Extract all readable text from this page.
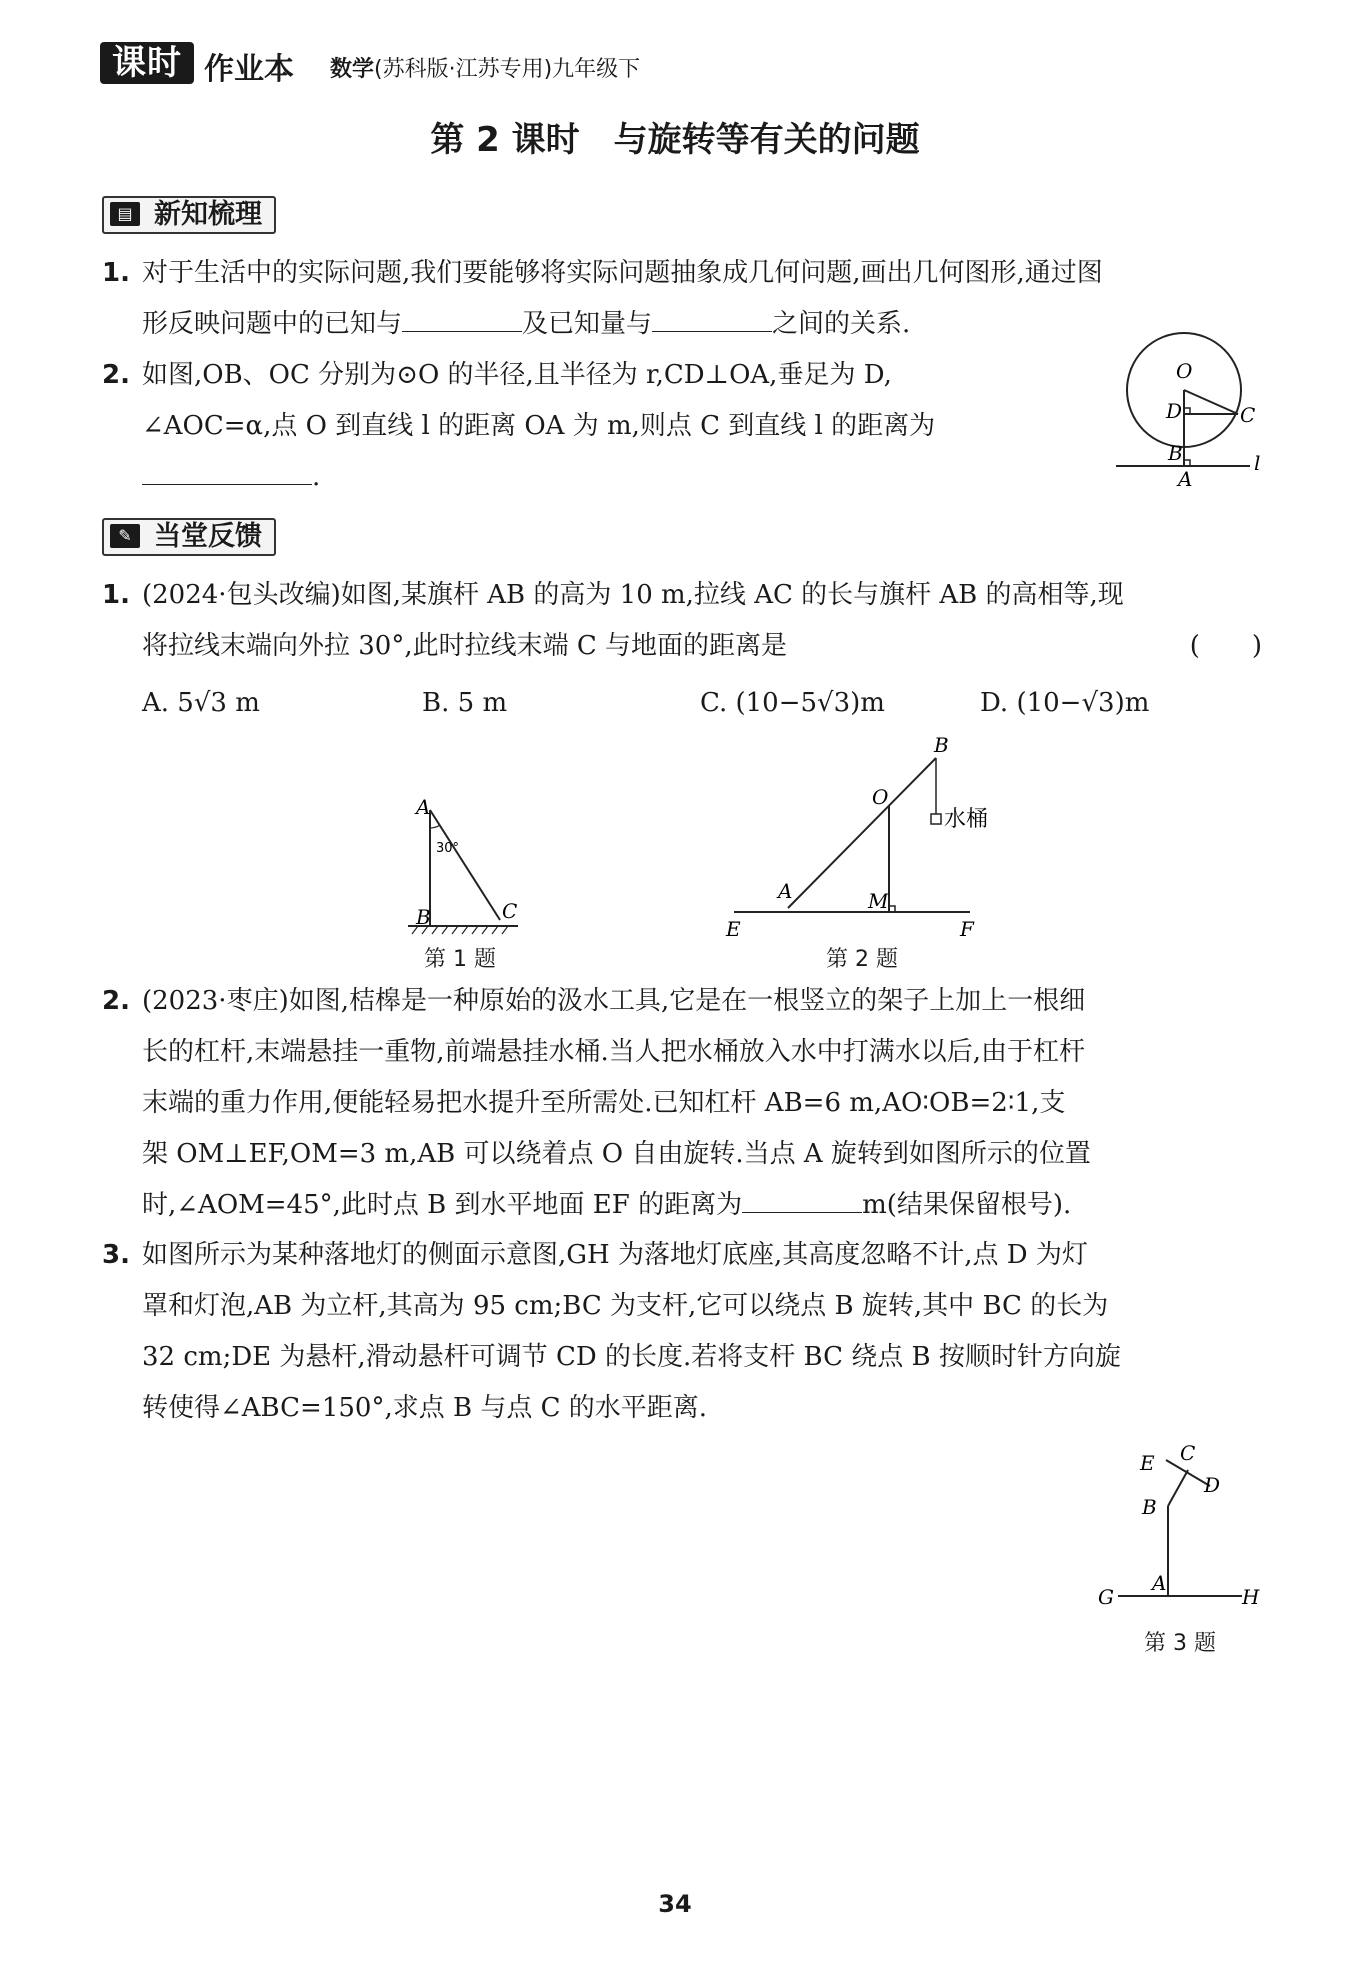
课时 作业本 数学(苏科版·江苏专用)九年级下
第 2 课时　与旋转等有关的问题
▤ 新知梳理
1. 对于生活中的实际问题,我们要能够将实际问题抽象成几何问题,画出几何图形,通过图
形反映问题中的已知与	及已知量与	之间的关系.
2. 如图,OB、OC 分别为⊙O 的半径,且半径为 r,CD⊥OA,垂足为 D,
∠AOC=α,点 O 到直线 l 的距离 OA 为 m,则点 C 到直线 l 的距离为
.
O
D	C
B
A
l
✎ 当堂反馈
1. (2024·包头改编)如图,某旗杆 AB 的高为 10 m,拉线 AC 的长与旗杆 AB 的高相等,现
将拉线末端向外拉 30°,此时拉线末端 C 与地面的距离是	(　　)
A. 5√3 m	B. 5 m	C. (10−5√3)m	D. (10−√3)m
A
30°
B	C
第 1 题
B
O
A	M
E	F
水桶
第 2 题
2. (2023·枣庄)如图,桔槔是一种原始的汲水工具,它是在一根竖立的架子上加上一根细
长的杠杆,末端悬挂一重物,前端悬挂水桶.当人把水桶放入水中打满水以后,由于杠杆
末端的重力作用,便能轻易把水提升至所需处.已知杠杆 AB=6 m,AO∶OB=2∶1,支
架 OM⊥EF,OM=3 m,AB 可以绕着点 O 自由旋转.当点 A 旋转到如图所示的位置
时,∠AOM=45°,此时点 B 到水平地面 EF 的距离为	m(结果保留根号).
3. 如图所示为某种落地灯的侧面示意图,GH 为落地灯底座,其高度忽略不计,点 D 为灯
罩和灯泡,AB 为立杆,其高为 95 cm;BC 为支杆,它可以绕点 B 旋转,其中 BC 的长为
32 cm;DE 为悬杆,滑动悬杆可调节 CD 的长度.若将支杆 BC 绕点 B 按顺时针方向旋
转使得∠ABC=150°,求点 B 与点 C 的水平距离.
E C
D
B
A
G	H
第 3 题
34
